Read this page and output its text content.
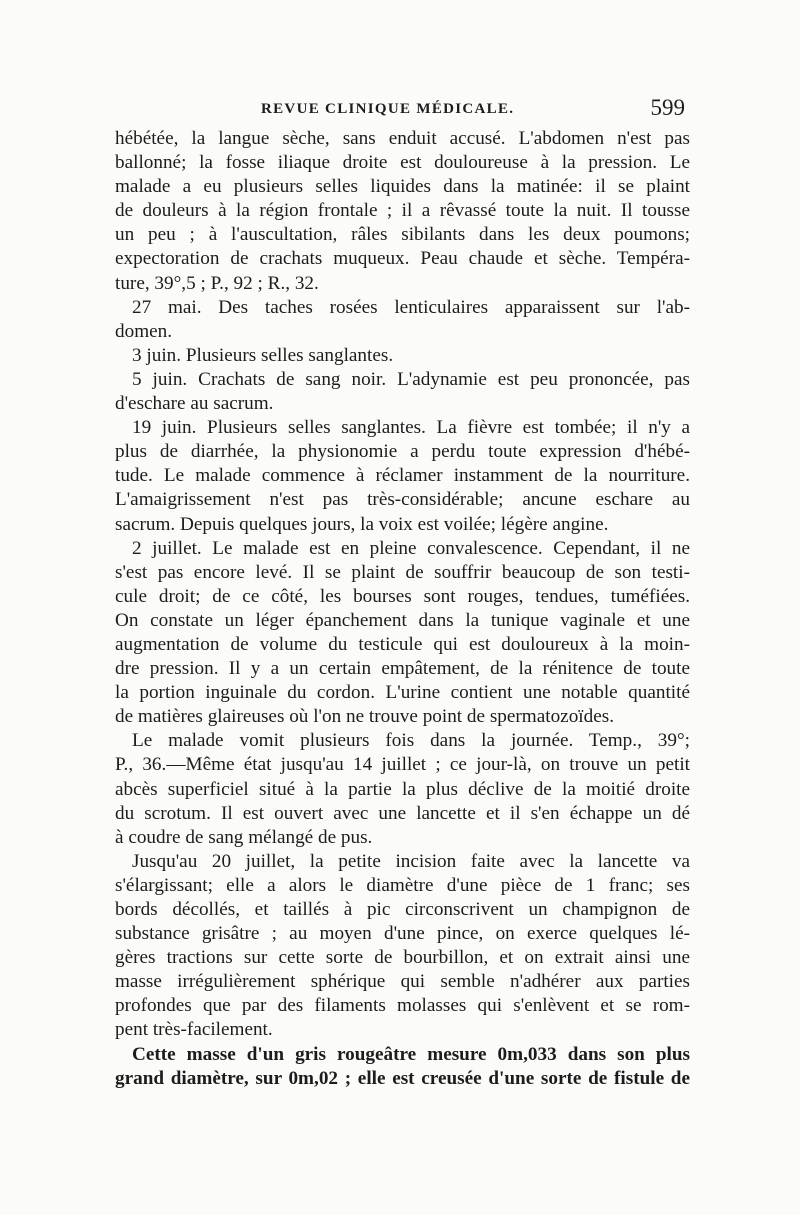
REVUE CLINIQUE MÉDICALE.	599
hébétée, la langue sèche, sans enduit accusé. L'abdomen n'est pas
ballonné; la fosse iliaque droite est douloureuse à la pression. Le
malade a eu plusieurs selles liquides dans la matinée: il se plaint
de douleurs à la région frontale ; il a rêvassé toute la nuit. Il tousse
un peu ; à l'auscultation, râles sibilants dans les deux poumons;
expectoration de crachats muqueux. Peau chaude et sèche. Tempéra-
ture, 39°,5 ; P., 92 ; R., 32.
27 mai. Des taches rosées lenticulaires apparaissent sur l'ab-
domen.
3 juin. Plusieurs selles sanglantes.
5 juin. Crachats de sang noir. L'adynamie est peu prononcée, pas
d'eschare au sacrum.
19 juin. Plusieurs selles sanglantes. La fièvre est tombée; il n'y a
plus de diarrhée, la physionomie a perdu toute expression d'hébé-
tude. Le malade commence à réclamer instamment de la nourriture.
L'amaigrissement n'est pas très-considérable; ancune eschare au
sacrum. Depuis quelques jours, la voix est voilée; légère angine.
2 juillet. Le malade est en pleine convalescence. Cependant, il ne
s'est pas encore levé. Il se plaint de souffrir beaucoup de son testi-
cule droit; de ce côté, les bourses sont rouges, tendues, tuméfiées.
On constate un léger épanchement dans la tunique vaginale et une
augmentation de volume du testicule qui est douloureux à la moin-
dre pression. Il y a un certain empâtement, de la rénitence de toute
la portion inguinale du cordon. L'urine contient une notable quantité
de matières glaireuses où l'on ne trouve point de spermatozoïdes.
Le malade vomit plusieurs fois dans la journée. Temp., 39°;
P., 36.—Même état jusqu'au 14 juillet ; ce jour-là, on trouve un petit
abcès superficiel situé à la partie la plus déclive de la moitié droite
du scrotum. Il est ouvert avec une lancette et il s'en échappe un dé
à coudre de sang mélangé de pus.
Jusqu'au 20 juillet, la petite incision faite avec la lancette va
s'élargissant; elle a alors le diamètre d'une pièce de 1 franc; ses
bords décollés, et taillés à pic circonscrivent un champignon de
substance grisâtre ; au moyen d'une pince, on exerce quelques lé-
gères tractions sur cette sorte de bourbillon, et on extrait ainsi une
masse irrégulièrement sphérique qui semble n'adhérer aux parties
profondes que par des filaments molasses qui s'enlèvent et se rom-
pent très-facilement.
Cette masse d'un gris rougeâtre mesure 0m,033 dans son plus
grand diamètre, sur 0m,02 ; elle est creusée d'une sorte de fistule de
